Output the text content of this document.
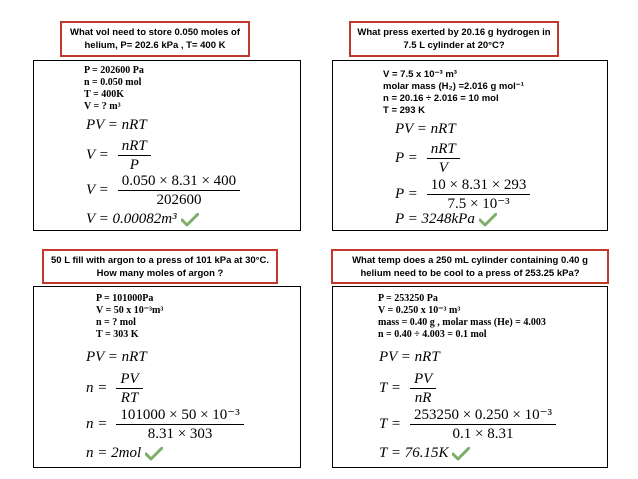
What vol need to store 0.050 moles of helium, P= 202.6 kPa , T= 400 K
P = 202600 Pa
n = 0.050 mol
T = 400K
V = ? m³
PV = nRT
$V = \frac{\text{nRT}}{P}$
$V = \frac{0.050 \times 8.31 \times 400}{202600}$
V = 0.00082m³
What press exerted by 20.16 g hydrogen in 7.5 L cylinder at 20°C?
V = 7.5 x 10⁻³ m³
molar mass (H₂) =2.016 g mol⁻¹
n = 20.16 ÷ 2.016 = 10 mol
T = 293 K
PV = nRT
$P = \frac{\text{nRT}}{V}$
$P = \frac{10 \times 8.31 \times 293}{\text{7.5 × 10⁻³}}$
P = 3248kPa
50 L fill with argon to a press of 101 kPa at 30°C. How many moles of argon ?
P = 101000Pa
V = 50 x 10⁻³m³
n = ? mol
T = 303 K
PV = nRT
$n = \frac{PV}{RT}$
$n = \frac{\text{101000 × 50 × 10⁻³}}{8.31 \times 303}$
n = 2mol
What temp does a 250 mL cylinder containing 0.40 g helium need to be cool to a press of 253.25 kPa?
P = 253250 Pa
V = 0.250 x 10⁻³ m³
mass = 0.40 g , molar mass (He) = 4.003
n = 0.40 ÷ 4.003 = 0.1 mol
PV = nRT
$T = \frac{PV}{nR}$
$T = \frac{\text{253250 × 0.250 × 10⁻³}}{0.1 \times 8.31}$
T = 76.15K
